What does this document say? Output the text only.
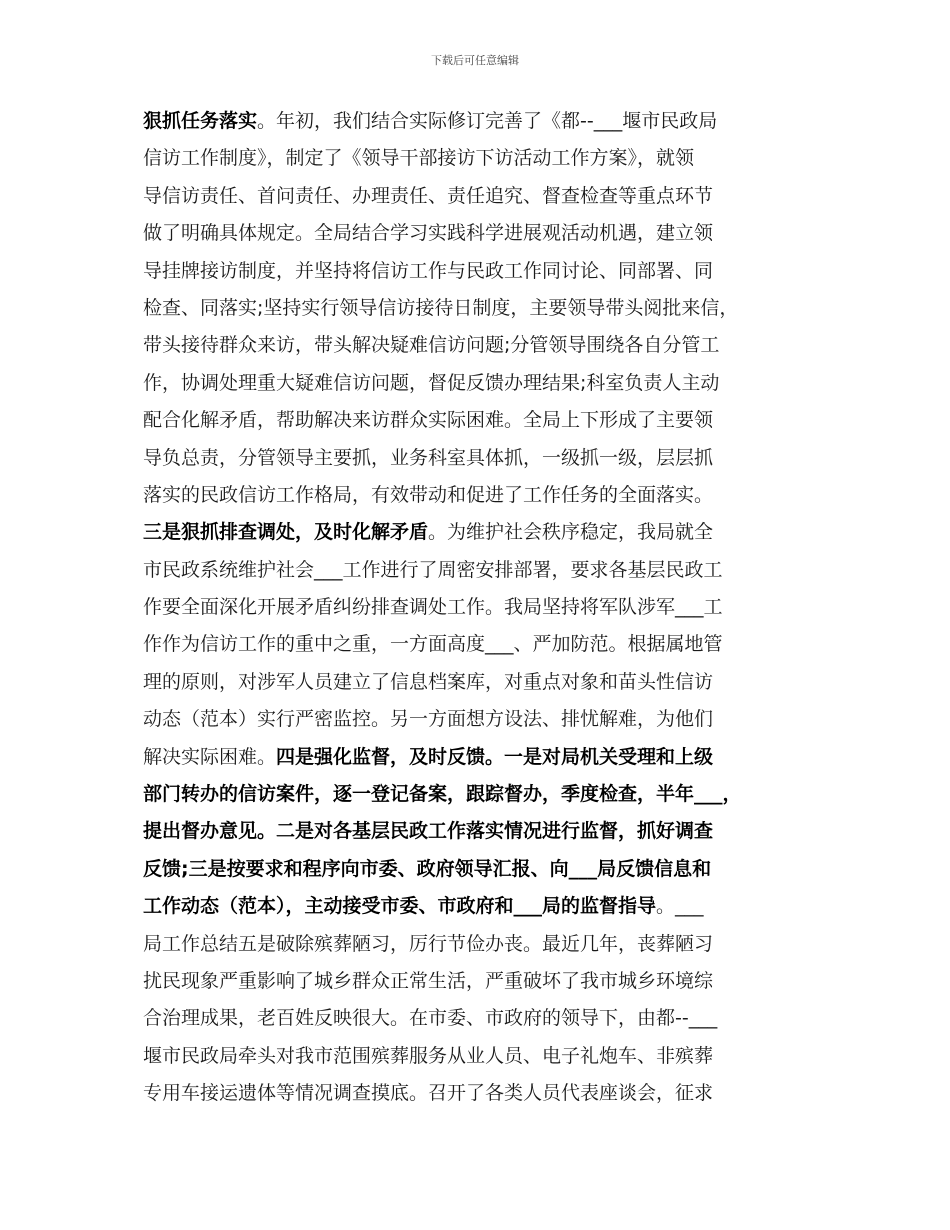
下载后可任意编辑
狠抓任务落实。年初，我们结合实际修订完善了《都--___堰市民政局
信访工作制度》，制定了《领导干部接访下访活动工作方案》，就领
导信访责任、首问责任、办理责任、责任追究、督查检查等重点环节
做了明确具体规定。全局结合学习实践科学进展观活动机遇，建立领
导挂牌接访制度，并坚持将信访工作与民政工作同讨论、同部署、同
检查、同落实;坚持实行领导信访接待日制度，主要领导带头阅批来信，
带头接待群众来访，带头解决疑难信访问题;分管领导围绕各自分管工
作，协调处理重大疑难信访问题，督促反馈办理结果;科室负责人主动
配合化解矛盾，帮助解决来访群众实际困难。全局上下形成了主要领
导负总责，分管领导主要抓，业务科室具体抓，一级抓一级，层层抓
落实的民政信访工作格局，有效带动和促进了工作任务的全面落实。
三是狠抓排查调处，及时化解矛盾。为维护社会秩序稳定，我局就全
市民政系统维护社会___工作进行了周密安排部署，要求各基层民政工
作要全面深化开展矛盾纠纷排查调处工作。我局坚持将军队涉军___工
作作为信访工作的重中之重，一方面高度___、严加防范。根据属地管
理的原则，对涉军人员建立了信息档案库，对重点对象和苗头性信访
动态（范本）实行严密监控。另一方面想方设法、排忧解难，为他们
解决实际困难。四是强化监督，及时反馈。一是对局机关受理和上级
部门转办的信访案件，逐一登记备案，跟踪督办，季度检查，半年___，
提出督办意见。二是对各基层民政工作落实情况进行监督，抓好调查
反馈;三是按要求和程序向市委、政府领导汇报、向___局反馈信息和
工作动态（范本），主动接受市委、市政府和___局的监督指导。___
局工作总结五是破除殡葬陋习，厉行节俭办丧。最近几年，丧葬陋习
扰民现象严重影响了城乡群众正常生活，严重破坏了我市城乡环境综
合治理成果，老百姓反映很大。在市委、市政府的领导下，由都--___
堰市民政局牵头对我市范围殡葬服务从业人员、电子礼炮车、非殡葬
专用车接运遗体等情况调查摸底。召开了各类人员代表座谈会，征求
